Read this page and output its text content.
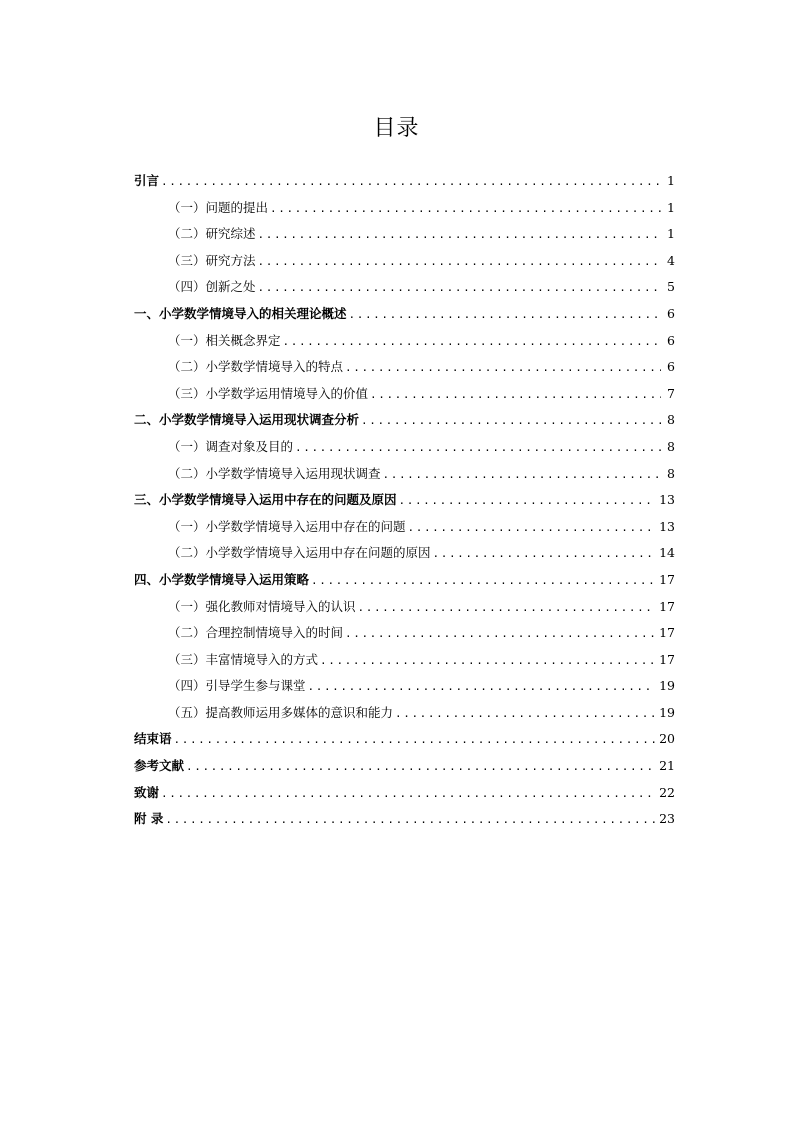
目录
引言 .....	1
（一）问题的提出 .....	1
（二）研究综述 .....	1
（三）研究方法 .....	4
（四）创新之处 .....	5
一、小学数学情境导入的相关理论概述 .....	6
（一）相关概念界定 .....	6
（二）小学数学情境导入的特点 .....	6
（三）小学数学运用情境导入的价值 .....	7
二、小学数学情境导入运用现状调查分析 .....	8
（一）调查对象及目的 .....	8
（二）小学数学情境导入运用现状调查 .....	8
三、小学数学情境导入运用中存在的问题及原因 .....	13
（一）小学数学情境导入运用中存在的问题 .....	13
（二）小学数学情境导入运用中存在问题的原因 .....	14
四、小学数学情境导入运用策略 .....	17
（一）强化教师对情境导入的认识 .....	17
（二）合理控制情境导入的时间 .....	17
（三）丰富情境导入的方式 .....	17
（四）引导学生参与课堂 .....	19
（五）提高教师运用多媒体的意识和能力 .....	19
结束语 .....	20
参考文献 .....	21
致谢 .....	22
附 录 .....	23
